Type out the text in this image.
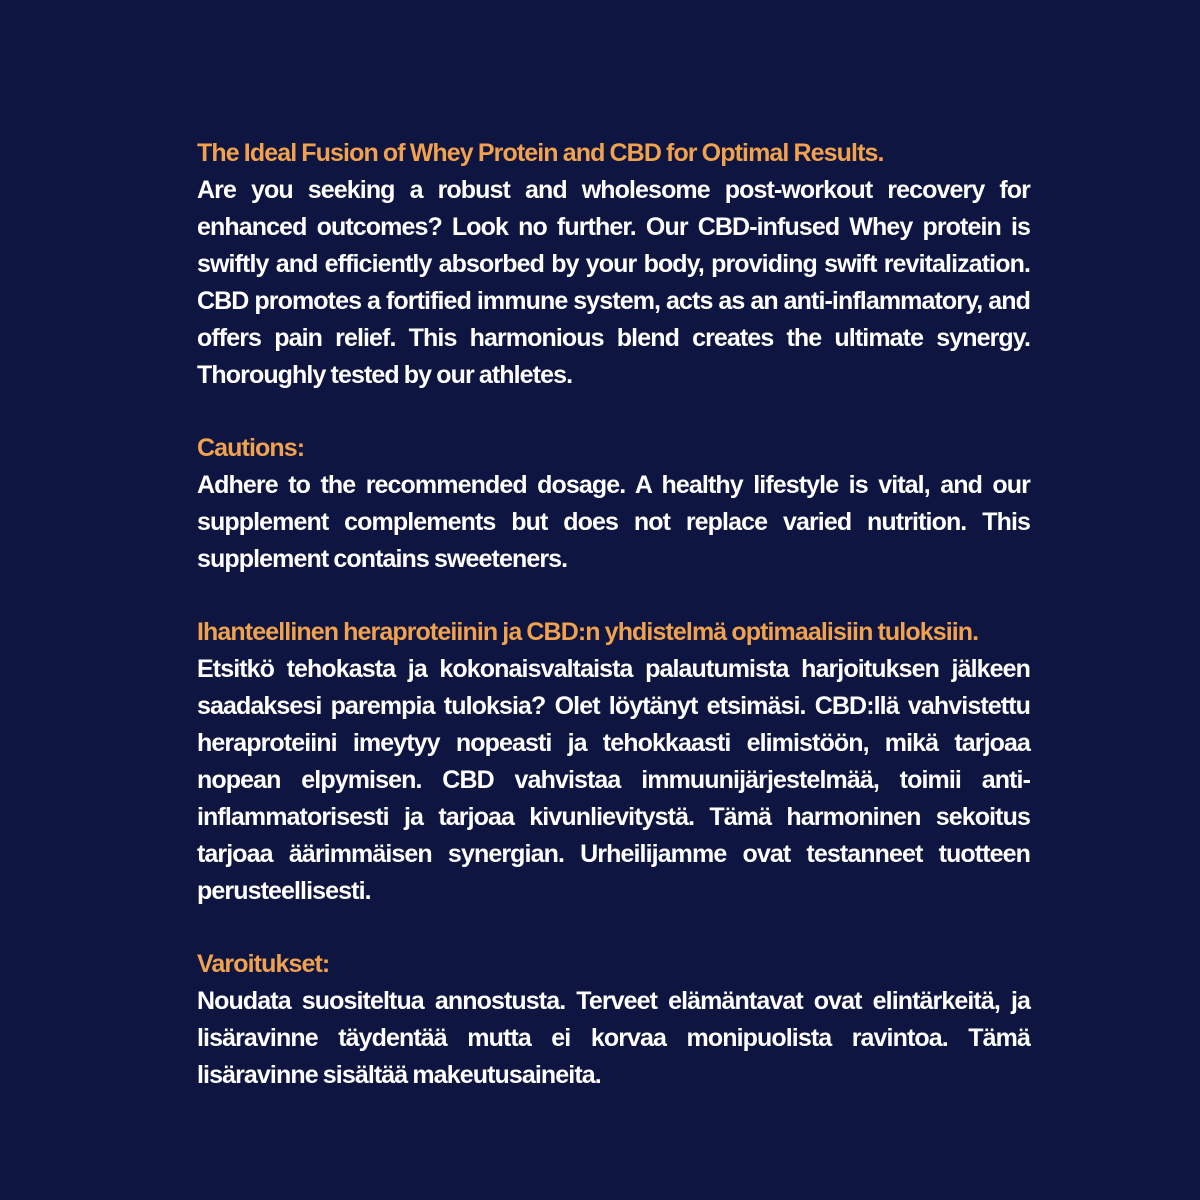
The Ideal Fusion of Whey Protein and CBD for Optimal Results.

Are you seeking a robust and wholesome post-workout recovery for enhanced outcomes? Look no further. Our CBD-infused Whey protein is swiftly and efficiently absorbed by your body, providing swift revitalization. CBD promotes a fortified immune system, acts as an anti-inflammatory, and offers pain relief. This harmonious blend creates the ultimate synergy. Thoroughly tested by our athletes.

Cautions:

Adhere to the recommended dosage. A healthy lifestyle is vital, and our supplement complements but does not replace varied nutrition. This supplement contains sweeteners.

Ihanteellinen heraproteiinin ja CBD:n yhdistelmä optimaalisiin tuloksiin.

Etsitkö tehokasta ja kokonaisvaltaista palautumista harjoituksen jälkeen saadaksesi parempia tuloksia? Olet löytänyt etsimäsi. CBD:llä vahvistettu heraproteiini imeytyy nopeasti ja tehokkaasti elimistöön, mikä tarjoaa nopean elpymisen. CBD vahvistaa immuunijärjestelmää, toimii anti-inflammatorisesti ja tarjoaa kivunlievitystä. Tämä harmoninen sekoitus tarjoaa äärimmäisen synergian. Urheilijamme ovat testanneet tuotteen perusteellisesti.

Varoitukset:

Noudata suositeltua annostusta. Terveet elämäntavat ovat elintärkeitä, ja lisäravinne täydentää mutta ei korvaa monipuolista ravintoa. Tämä lisäravinne sisältää makeutusaineita.
